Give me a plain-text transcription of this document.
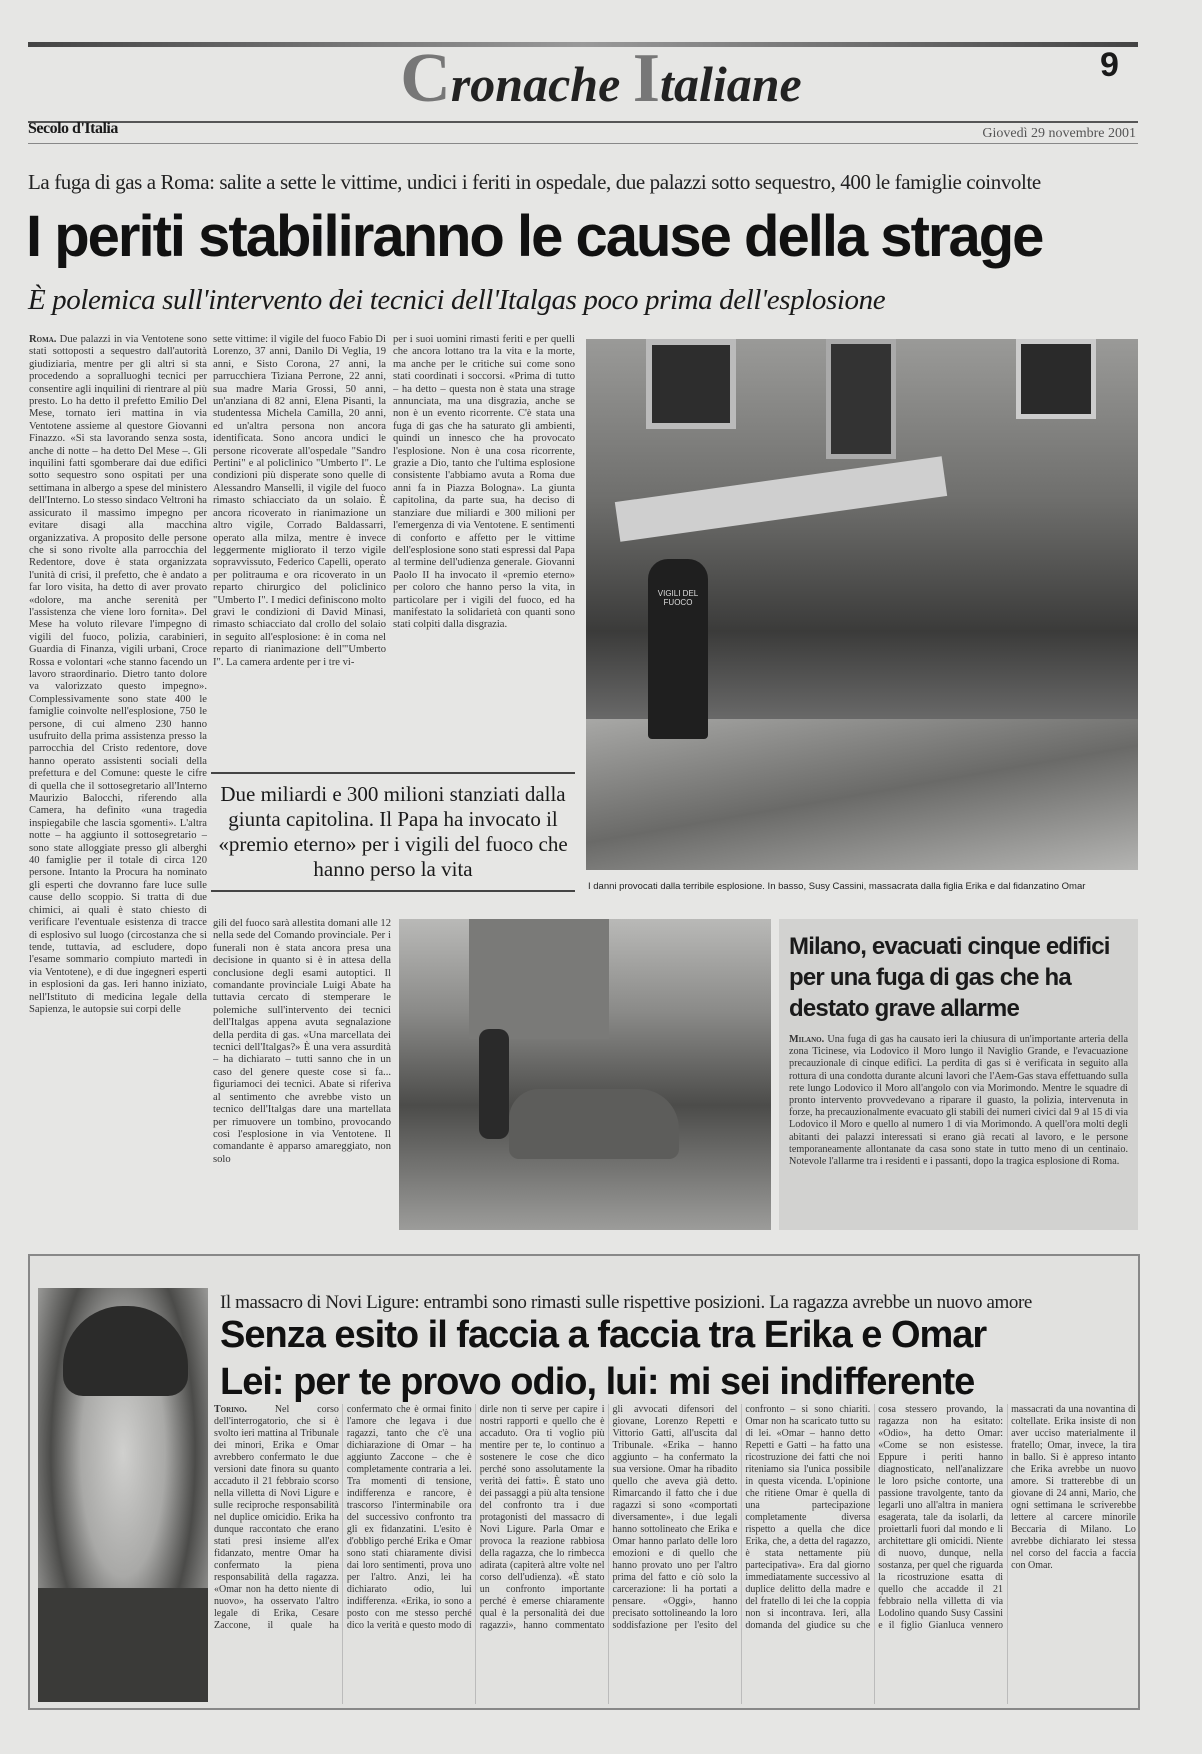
Cronache Italiane	9
Secolo d'Italia	Giovedì 29 novembre 2001
La fuga di gas a Roma: salite a sette le vittime, undici i feriti in ospedale, due palazzi sotto sequestro, 400 le famiglie coinvolte
I periti stabiliranno le cause della strage
È polemica sull'intervento dei tecnici dell'Italgas poco prima dell'esplosione
Roma. Due palazzi in via Ventotene sono stati sottoposti a sequestro dall'autorità giudiziaria, mentre per gli altri si sta procedendo a sopralluoghi tecnici per consentire agli inquilini di rientrare al più presto. Lo ha detto il prefetto Emilio Del Mese, tornato ieri mattina in via Ventotene assieme al questore Giovanni Finazzo. «Si sta lavorando senza sosta, anche di notte – ha detto Del Mese –. Gli inquilini fatti sgomberare dai due edifici sotto sequestro sono ospitati per una settimana in albergo a spese del ministero dell'Interno. Lo stesso sindaco Veltroni ha assicurato il massimo impegno per evitare disagi alla macchina organizzativa. A proposito delle persone che si sono rivolte alla parrocchia del Redentore, dove è stata organizzata l'unità di crisi, il prefetto, che è andato a far loro visita, ha detto di aver provato «dolore, ma anche serenità per l'assistenza che viene loro fornita». Del Mese ha voluto rilevare l'impegno di vigili del fuoco, polizia, carabinieri, Guardia di Finanza, vigili urbani, Croce Rossa e volontari «che stanno facendo un lavoro straordinario. Dietro tanto dolore va valorizzato questo impegno». Complessivamente sono state 400 le famiglie coinvolte nell'esplosione, 750 le persone, di cui almeno 230 hanno usufruito della prima assistenza presso la parrocchia del Cristo redentore, dove hanno operato assistenti sociali della prefettura e del Comune: queste le cifre di quella che il sottosegretario all'Interno Maurizio Balocchi, riferendo alla Camera, ha definito «una tragedia inspiegabile che lascia sgomenti». L'altra notte – ha aggiunto il sottosegretario – sono state alloggiate presso gli alberghi 40 famiglie per il totale di circa 120 persone. Intanto la Procura ha nominato gli esperti che dovranno fare luce sulle cause dello scoppio. Si tratta di due chimici, ai quali è stato chiesto di verificare l'eventuale esistenza di tracce di esplosivo sul luogo (circostanza che si tende, tuttavia, ad escludere, dopo l'esame sommario compiuto martedì in via Ventotene), e di due ingegneri esperti in esplosioni da gas. Ieri hanno iniziato, nell'Istituto di medicina legale della Sapienza, le autopsie sui corpi delle
sette vittime: il vigile del fuoco Fabio Di Lorenzo, 37 anni, Danilo Di Veglia, 19 anni, e Sisto Corona, 27 anni, la parrucchiera Tiziana Perrone, 22 anni, sua madre Maria Grossi, 50 anni, un'anziana di 82 anni, Elena Pisanti, la studentessa Michela Camilla, 20 anni, ed un'altra persona non ancora identificata. Sono ancora undici le persone ricoverate all'ospedale "Sandro Pertini" e al policlinico "Umberto I". Le condizioni più disperate sono quelle di Alessandro Manselli, il vigile del fuoco rimasto schiacciato da un solaio. È ancora ricoverato in rianimazione un altro vigile, Corrado Baldassarri, operato alla milza, mentre è invece leggermente migliorato il terzo vigile sopravvissuto, Federico Capelli, operato per politrauma e ora ricoverato in un reparto chirurgico del policlinico "Umberto I". I medici definiscono molto gravi le condizioni di David Minasi, rimasto schiacciato dal crollo del solaio in seguito all'esplosione: è in coma nel reparto di rianimazione dell'"Umberto I". La camera ardente per i tre vi-
per i suoi uomini rimasti feriti e per quelli che ancora lottano tra la vita e la morte, ma anche per le critiche sui come sono stati coordinati i soccorsi. «Prima di tutto – ha detto – questa non è stata una strage annunciata, ma una disgrazia, anche se non è un evento ricorrente. C'è stata una fuga di gas che ha saturato gli ambienti, quindi un innesco che ha provocato l'esplosione. Non è una cosa ricorrente, grazie a Dio, tanto che l'ultima esplosione consistente l'abbiamo avuta a Roma due anni fa in Piazza Bologna». La giunta capitolina, da parte sua, ha deciso di stanziare due miliardi e 300 milioni per l'emergenza di via Ventotene. E sentimenti di conforto e affetto per le vittime dell'esplosione sono stati espressi dal Papa al termine dell'udienza generale. Giovanni Paolo II ha invocato il «premio eterno» per coloro che hanno perso la vita, in particolare per i vigili del fuoco, ed ha manifestato la solidarietà con quanti sono stati colpiti dalla disgrazia.
VIGILI DEL FUOCO
I danni provocati dalla terribile esplosione. In basso, Susy Cassini, massacrata dalla figlia Erika e dal fidanzatino Omar
Due miliardi e 300 milioni stanziati dalla giunta capitolina. Il Papa ha invocato il «premio eterno» per i vigili del fuoco che hanno perso la vita
gili del fuoco sarà allestita domani alle 12 nella sede del Comando provinciale. Per i funerali non è stata ancora presa una decisione in quanto si è in attesa della conclusione degli esami autoptici. Il comandante provinciale Luigi Abate ha tuttavia cercato di stemperare le polemiche sull'intervento dei tecnici dell'Italgas appena avuta segnalazione della perdita di gas. «Una marcellata dei tecnici dell'Italgas?» È una vera assurdità – ha dichiarato – tutti sanno che in un caso del genere queste cose si fa... figuriamoci dei tecnici. Abate si riferiva al sentimento che avrebbe visto un tecnico dell'Italgas dare una martellata per rimuovere un tombino, provocando così l'esplosione in via Ventotene. Il comandante è apparso amareggiato, non solo
Milano, evacuati cinque edifici per una fuga di gas che ha destato grave allarme
Milano. Una fuga di gas ha causato ieri la chiusura di un'importante arteria della zona Ticinese, via Lodovico il Moro lungo il Naviglio Grande, e l'evacuazione precauzionale di cinque edifici. La perdita di gas si è verificata in seguito alla rottura di una condotta durante alcuni lavori che l'Aem-Gas stava effettuando sulla rete lungo Lodovico il Moro all'angolo con via Morimondo. Mentre le squadre di pronto intervento provvedevano a riparare il guasto, la polizia, intervenuta in forze, ha precauzionalmente evacuato gli stabili dei numeri civici dal 9 al 15 di via Lodovico il Moro e quello al numero 1 di via Morimondo. A quell'ora molti degli abitanti dei palazzi interessati si erano già recati al lavoro, e le persone temporaneamente allontanate da casa sono state in tutto meno di un centinaio. Notevole l'allarme tra i residenti e i passanti, dopo la tragica esplosione di Roma.
Il massacro di Novi Ligure: entrambi sono rimasti sulle rispettive posizioni. La ragazza avrebbe un nuovo amore
Senza esito il faccia a faccia tra Erika e Omar
Lei: per te provo odio, lui: mi sei indifferente
Torino.	Nel corso dell'interrogatorio, che si è svolto ieri mattina al Tribunale dei minori, Erika e Omar avrebbero confermato le due versioni date finora su quanto accaduto il 21 febbraio scorso nella villetta di Novi Ligure e sulle reciproche responsabilità nel duplice omicidio. Erika ha dunque raccontato che erano stati presi insieme all'ex fidanzato, mentre Omar ha confermato la piena responsabilità della ragazza. «Omar non ha detto niente di nuovo», ha osservato l'altro legale di Erika, Cesare Zaccone, il quale ha confermato che è ormai finito l'amore che legava i due ragazzi, tanto che c'è una dichiarazione di Omar – ha aggiunto Zaccone – che è completamente contraria a lei. Tra momenti di tensione, indifferenza e rancore, è trascorso l'interminabile ora del successivo confronto tra gli ex fidanzatini. L'esito è d'obbligo perché Erika e Omar sono stati chiaramente divisi dai loro sentimenti, prova uno per l'altro. Anzi, lei ha dichiarato odio, lui indifferenza. «Erika, io sono a posto con me stesso perché dico la verità e questo modo di dirle non ti serve per capire i nostri rapporti e quello che è accaduto. Ora ti voglio più mentire per te, lo continuo a sostenere le cose che dico perché sono assolutamente la verità dei fatti». È stato uno dei passaggi a più alta tensione del confronto tra i due protagonisti del massacro di Novi Ligure. Parla Omar e provoca la reazione rabbiosa della ragazza, che lo rimbecca adirata (capiterà altre volte nel corso dell'udienza). «È stato un confronto importante perché è emerse chiaramente qual è la personalità dei due ragazzi», hanno commentato gli avvocati difensori del giovane, Lorenzo Repetti e Vittorio Gatti, all'uscita dal Tribunale. «Erika – hanno aggiunto – ha confermato la sua versione. Omar ha ribadito quello che aveva già detto. Rimarcando il fatto che i due ragazzi si sono «comportati diversamente», i due legali hanno sottolineato che Erika e Omar hanno parlato delle loro emozioni e di quello che hanno provato uno per l'altro prima del fatto e ciò solo la carcerazione: li ha portati a pensare. «Oggi», hanno precisato sottolineando la loro soddisfazione per l'esito del confronto – si sono chiariti. Omar non ha scaricato tutto su di lei. «Omar – hanno detto Repetti e Gatti – ha fatto una ricostruzione dei fatti che noi riteniamo sia l'unica possibile in questa vicenda. L'opinione che ritiene Omar è quella di una partecipazione completamente diversa rispetto a quella che dice Erika, che, a detta del ragazzo, è stata nettamente più partecipativa». Era dal giorno immediatamente successivo al duplice delitto della madre e del fratello di lei che la coppia non si incontrava. Ieri, alla domanda del giudice su che cosa stessero provando, la ragazza non ha esitato: «Odio», ha detto Omar: «Come se non esistesse. Eppure i periti hanno diagnosticato, nell'analizzare le loro psiche contorte, una passione travolgente, tanto da legarli uno all'altra in maniera esagerata, tale da isolarli, da proiettarli fuori dal mondo e li architettare gli omicidi. Niente di nuovo, dunque, nella sostanza, per quel che riguarda la ricostruzione esatta di quello che accadde il 21 febbraio nella villetta di via Lodolino quando Susy Cassini e il figlio Gianluca vennero massacrati da una novantina di coltellate. Erika insiste di non aver ucciso materialmente il fratello; Omar, invece, la tira in ballo. Si è appreso intanto che Erika avrebbe un nuovo amore. Si tratterebbe di un giovane di 24 anni, Mario, che ogni settimana le scriverebbe lettere al carcere minorile Beccaria di Milano. Lo avrebbe dichiarato lei stessa nel corso del faccia a faccia con Omar.
